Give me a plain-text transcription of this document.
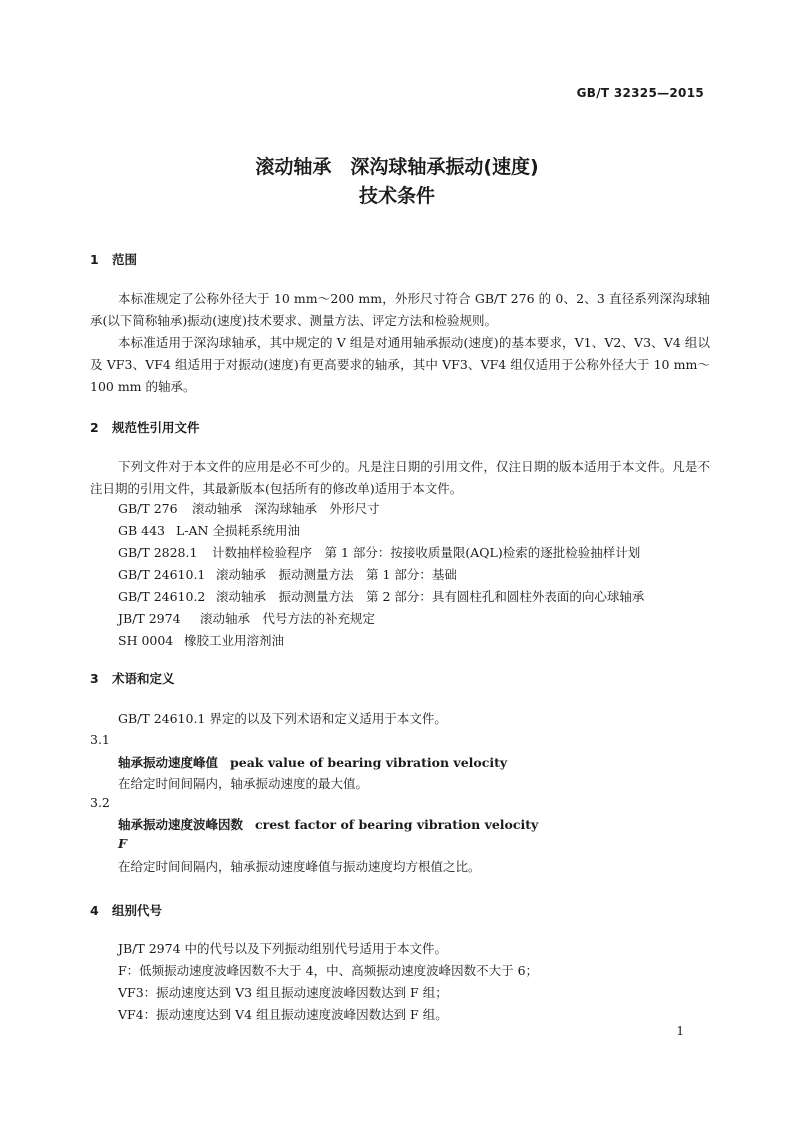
GB/T 32325—2015
滚动轴承　深沟球轴承振动(速度)
技术条件
1 范围
本标准规定了公称外径大于 10 mm～200 mm，外形尺寸符合 GB/T 276 的 0、2、3 直径系列深沟球轴承(以下简称轴承)振动(速度)技术要求、测量方法、评定方法和检验规则。
本标准适用于深沟球轴承，其中规定的 V 组是对通用轴承振动(速度)的基本要求，V1、V2、V3、V4 组以及 VF3、VF4 组适用于对振动(速度)有更高要求的轴承，其中 VF3、VF4 组仅适用于公称外径大于 10 mm～100 mm 的轴承。
2 规范性引用文件
下列文件对于本文件的应用是必不可少的。凡是注日期的引用文件，仅注日期的版本适用于本文件。凡是不注日期的引用文件，其最新版本(包括所有的修改单)适用于本文件。
GB/T 276 滚动轴承　深沟球轴承　外形尺寸
GB 443 L-AN 全损耗系统用油
GB/T 2828.1 计数抽样检验程序　第 1 部分：按接收质量限(AQL)检索的逐批检验抽样计划
GB/T 24610.1 滚动轴承　振动测量方法　第 1 部分：基础
GB/T 24610.2 滚动轴承　振动测量方法　第 2 部分：具有圆柱孔和圆柱外表面的向心球轴承
JB/T 2974 滚动轴承　代号方法的补充规定
SH 0004 橡胶工业用溶剂油
3 术语和定义
GB/T 24610.1 界定的以及下列术语和定义适用于本文件。
3.1
轴承振动速度峰值 peak value of bearing vibration velocity
在给定时间间隔内，轴承振动速度的最大值。
3.2
轴承振动速度波峰因数 crest factor of bearing vibration velocity
F
在给定时间间隔内，轴承振动速度峰值与振动速度均方根值之比。
4 组别代号
JB/T 2974 中的代号以及下列振动组别代号适用于本文件。
F：低频振动速度波峰因数不大于 4，中、高频振动速度波峰因数不大于 6；
VF3：振动速度达到 V3 组且振动速度波峰因数达到 F 组；
VF4：振动速度达到 V4 组且振动速度波峰因数达到 F 组。
1
